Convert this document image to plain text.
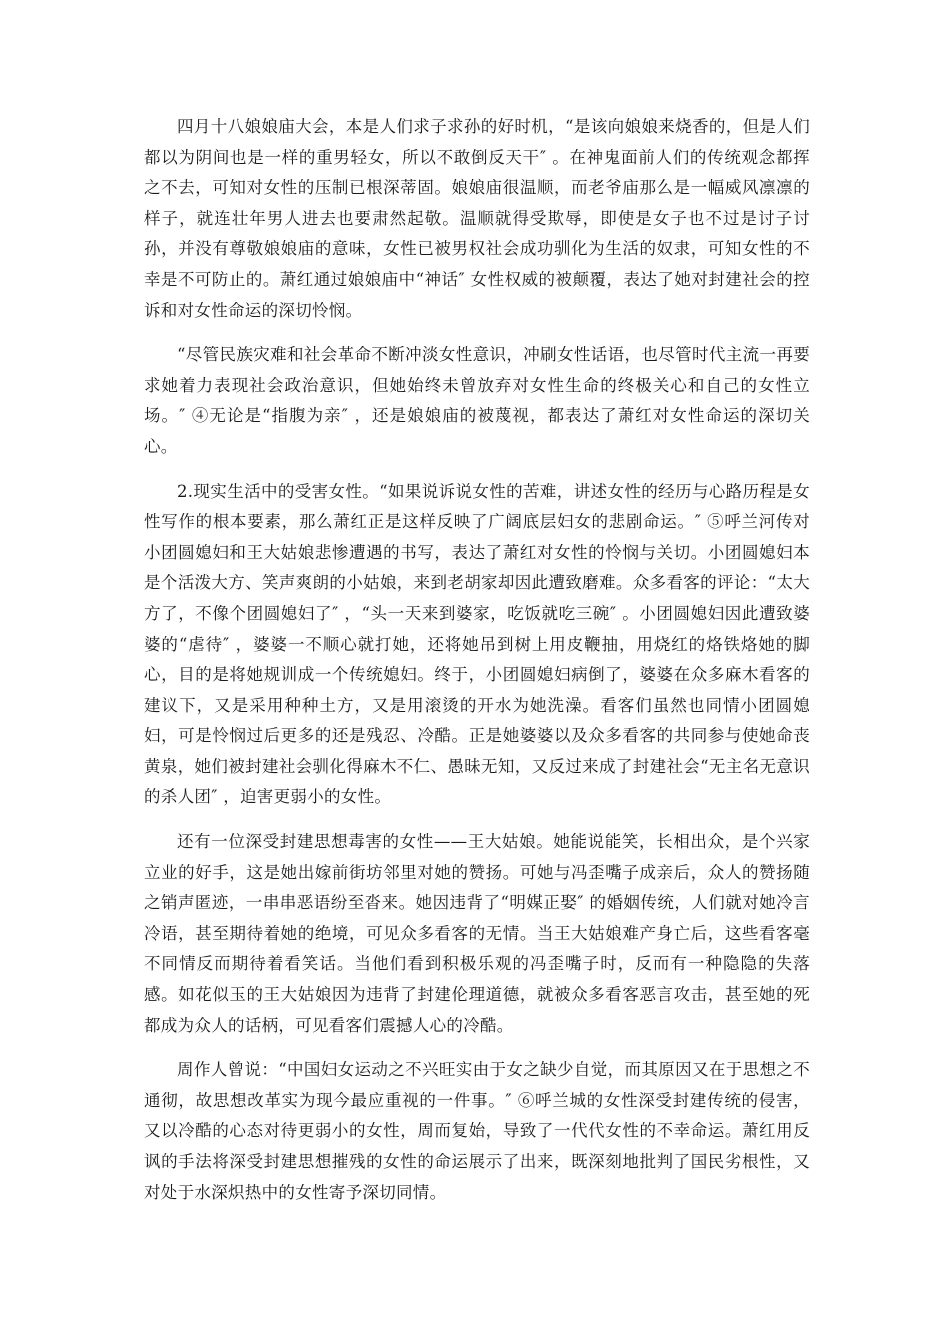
四月十八娘娘庙大会，本是人们求子求孙的好时机，“是该向娘娘来烧香的，但是人们都以为阴间也是一样的重男轻女，所以不敢倒反天干″ 。在神鬼面前人们的传统观念都挥之不去，可知对女性的压制已根深蒂固。娘娘庙很温顺，而老爷庙那么是一幅威风凛凛的样子，就连壮年男人进去也要肃然起敬。温顺就得受欺辱，即使是女子也不过是讨子讨孙，并没有尊敬娘娘庙的意味，女性已被男权社会成功驯化为生活的奴隶，可知女性的不幸是不可防止的。萧红通过娘娘庙中“神话″ 女性权威的被颠覆，表达了她对封建社会的控诉和对女性命运的深切怜悯。

“尽管民族灾难和社会革命不断冲淡女性意识，冲刷女性话语，也尽管时代主流一再要求她着力表现社会政治意识，但她始终未曾放弃对女性生命的终极关心和自己的女性立场。″ ④无论是“指腹为亲″ ，还是娘娘庙的被蔑视，都表达了萧红对女性命运的深切关心。

2.现实生活中的受害女性。“如果说诉说女性的苦难，讲述女性的经历与心路历程是女性写作的根本要素，那么萧红正是这样反映了广阔底层妇女的悲剧命运。″ ⑤呼兰河传对小团圆媳妇和王大姑娘悲惨遭遇的书写，表达了萧红对女性的怜悯与关切。小团圆媳妇本是个活泼大方、笑声爽朗的小姑娘，来到老胡家却因此遭致磨难。众多看客的评论：“太大方了，不像个团圆媳妇了″ ，“头一天来到婆家，吃饭就吃三碗″ 。小团圆媳妇因此遭致婆婆的“虐待″ ，婆婆一不顺心就打她，还将她吊到树上用皮鞭抽，用烧红的烙铁烙她的脚心，目的是将她规训成一个传统媳妇。终于，小团圆媳妇病倒了，婆婆在众多麻木看客的建议下，又是采用种种土方，又是用滚烫的开水为她洗澡。看客们虽然也同情小团圆媳妇，可是怜悯过后更多的还是残忍、冷酷。正是她婆婆以及众多看客的共同参与使她命丧黄泉，她们被封建社会驯化得麻木不仁、愚昧无知，又反过来成了封建社会“无主名无意识的杀人团″ ，迫害更弱小的女性。

还有一位深受封建思想毒害的女性——王大姑娘。她能说能笑，长相出众，是个兴家立业的好手，这是她出嫁前街坊邻里对她的赞扬。可她与冯歪嘴子成亲后，众人的赞扬随之销声匿迹，一串串恶语纷至沓来。她因违背了“明媒正娶″ 的婚姻传统，人们就对她冷言冷语，甚至期待着她的绝境，可见众多看客的无情。当王大姑娘难产身亡后，这些看客毫不同情反而期待着看笑话。当他们看到积极乐观的冯歪嘴子时，反而有一种隐隐的失落感。如花似玉的王大姑娘因为违背了封建伦理道德，就被众多看客恶言攻击，甚至她的死都成为众人的话柄，可见看客们震撼人心的冷酷。

周作人曾说：“中国妇女运动之不兴旺实由于女之缺少自觉，而其原因又在于思想之不通彻，故思想改革实为现今最应重视的一件事。″ ⑥呼兰城的女性深受封建传统的侵害，又以冷酷的心态对待更弱小的女性，周而复始，导致了一代代女性的不幸命运。萧红用反讽的手法将深受封建思想摧残的女性的命运展示了出来，既深刻地批判了国民劣根性，又对处于水深炽热中的女性寄予深切同情。
